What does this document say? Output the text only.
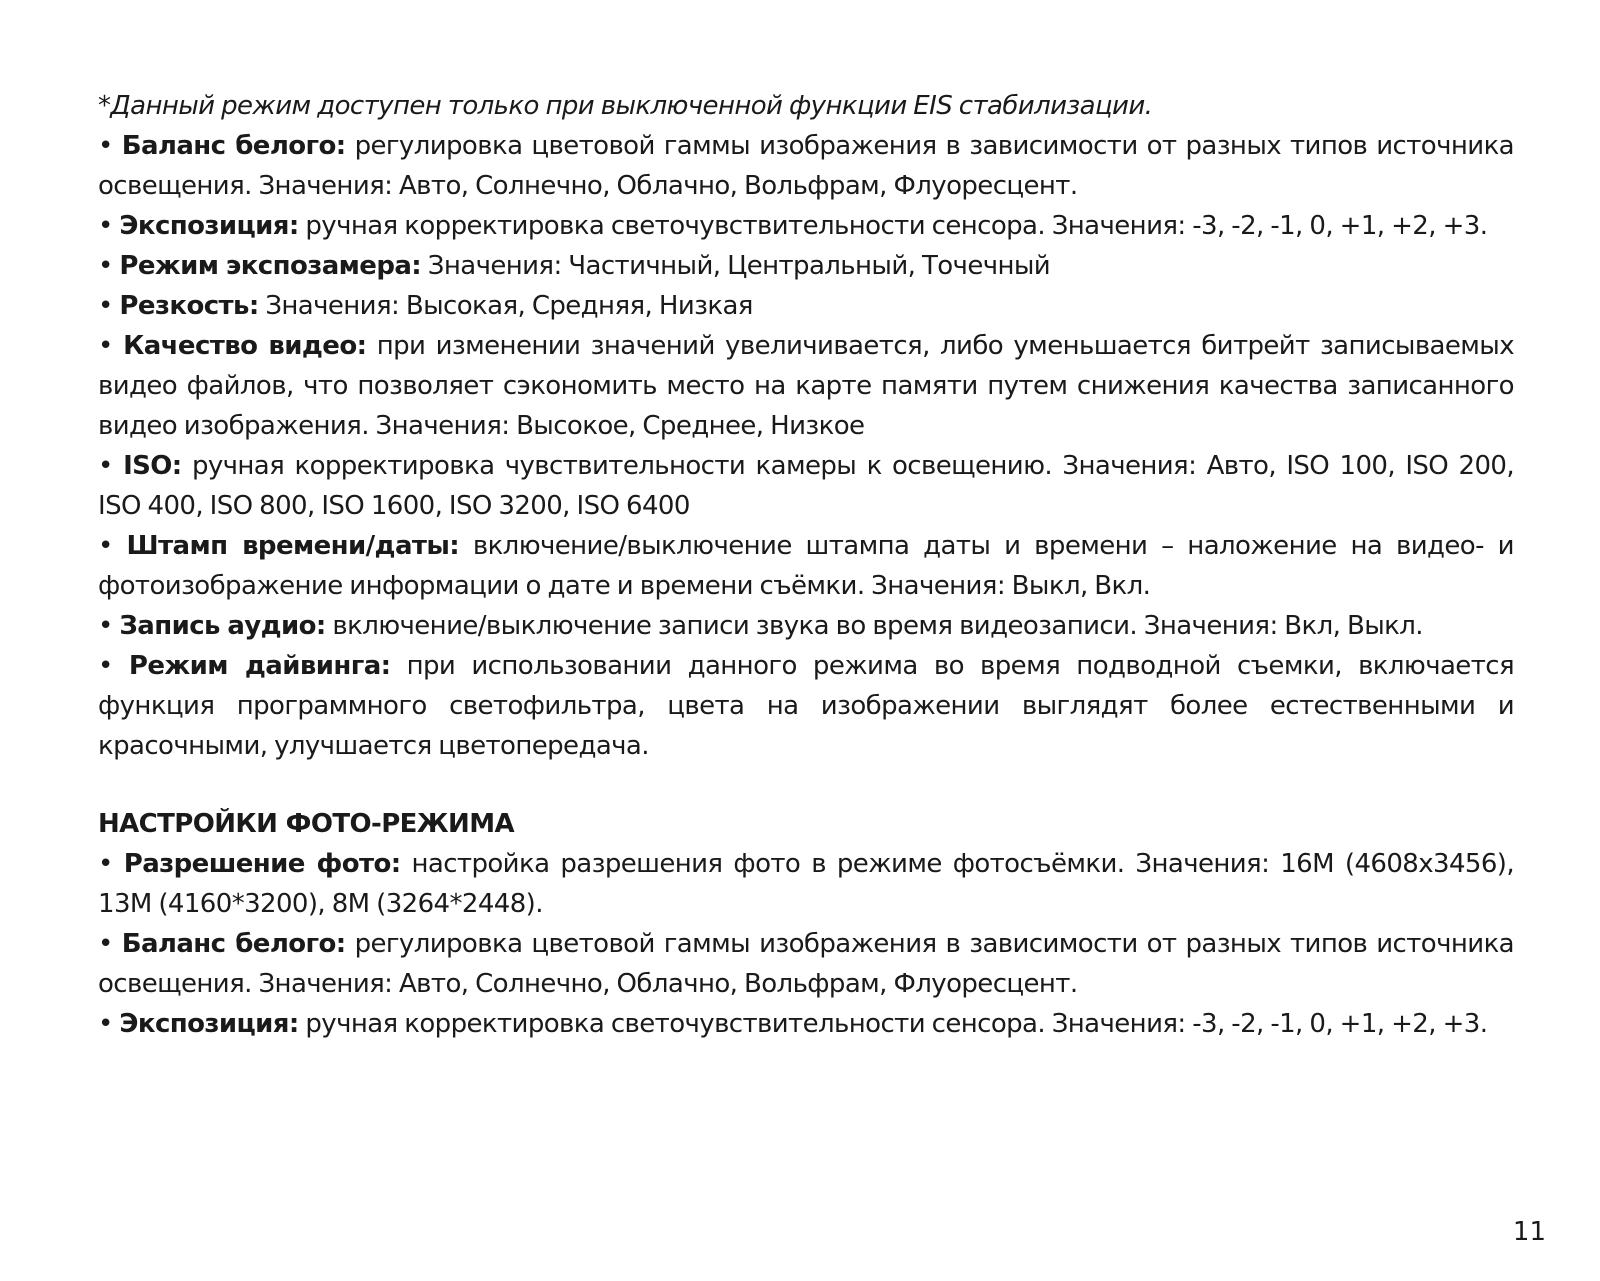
*Данный режим доступен только при выключенной функции EIS стабилизации.

• Баланс белого: регулировка цветовой гаммы изображения в зависимости от разных типов источника освещения. Значения: Авто, Солнечно, Облачно, Вольфрам, Флуоресцент.

• Экспозиция: ручная корректировка светочувствительности сенсора. Значения: -3, -2, -1, 0, +1, +2, +3.

• Режим экспозамера: Значения: Частичный, Центральный, Точечный

• Резкость: Значения: Высокая, Средняя, Низкая

• Качество видео: при изменении значений увеличивается, либо уменьшается битрейт записываемых видео файлов, что позволяет сэкономить место на карте памяти путем снижения качества записанного видео изображения. Значения: Высокое, Среднее, Низкое

• ISO: ручная корректировка чувствительности камеры к освещению. Значения: Авто, ISO 100, ISO 200, ISO 400, ISO 800, ISO 1600, ISO 3200, ISO 6400

• Штамп времени/даты: включение/выключение штампа даты и времени – наложение на видео- и фотоизображение информации о дате и времени съёмки. Значения: Выкл, Вкл.

• Запись аудио: включение/выключение записи звука во время видеозаписи. Значения: Вкл, Выкл.

• Режим дайвинга: при использовании данного режима во время подводной съемки, включается функция программного светофильтра, цвета на изображении выглядят более естественными и красочными, улучшается цветопередача.

НАСТРОЙКИ ФОТО-РЕЖИМА

• Разрешение фото: настройка разрешения фото в режиме фотосъёмки. Значения: 16M (4608x3456), 13M (4160*3200), 8M (3264*2448).

• Баланс белого: регулировка цветовой гаммы изображения в зависимости от разных типов источника освещения. Значения: Авто, Солнечно, Облачно, Вольфрам, Флуоресцент.

• Экспозиция: ручная корректировка светочувствительности сенсора. Значения: -3, -2, -1, 0, +1, +2, +3.

11
